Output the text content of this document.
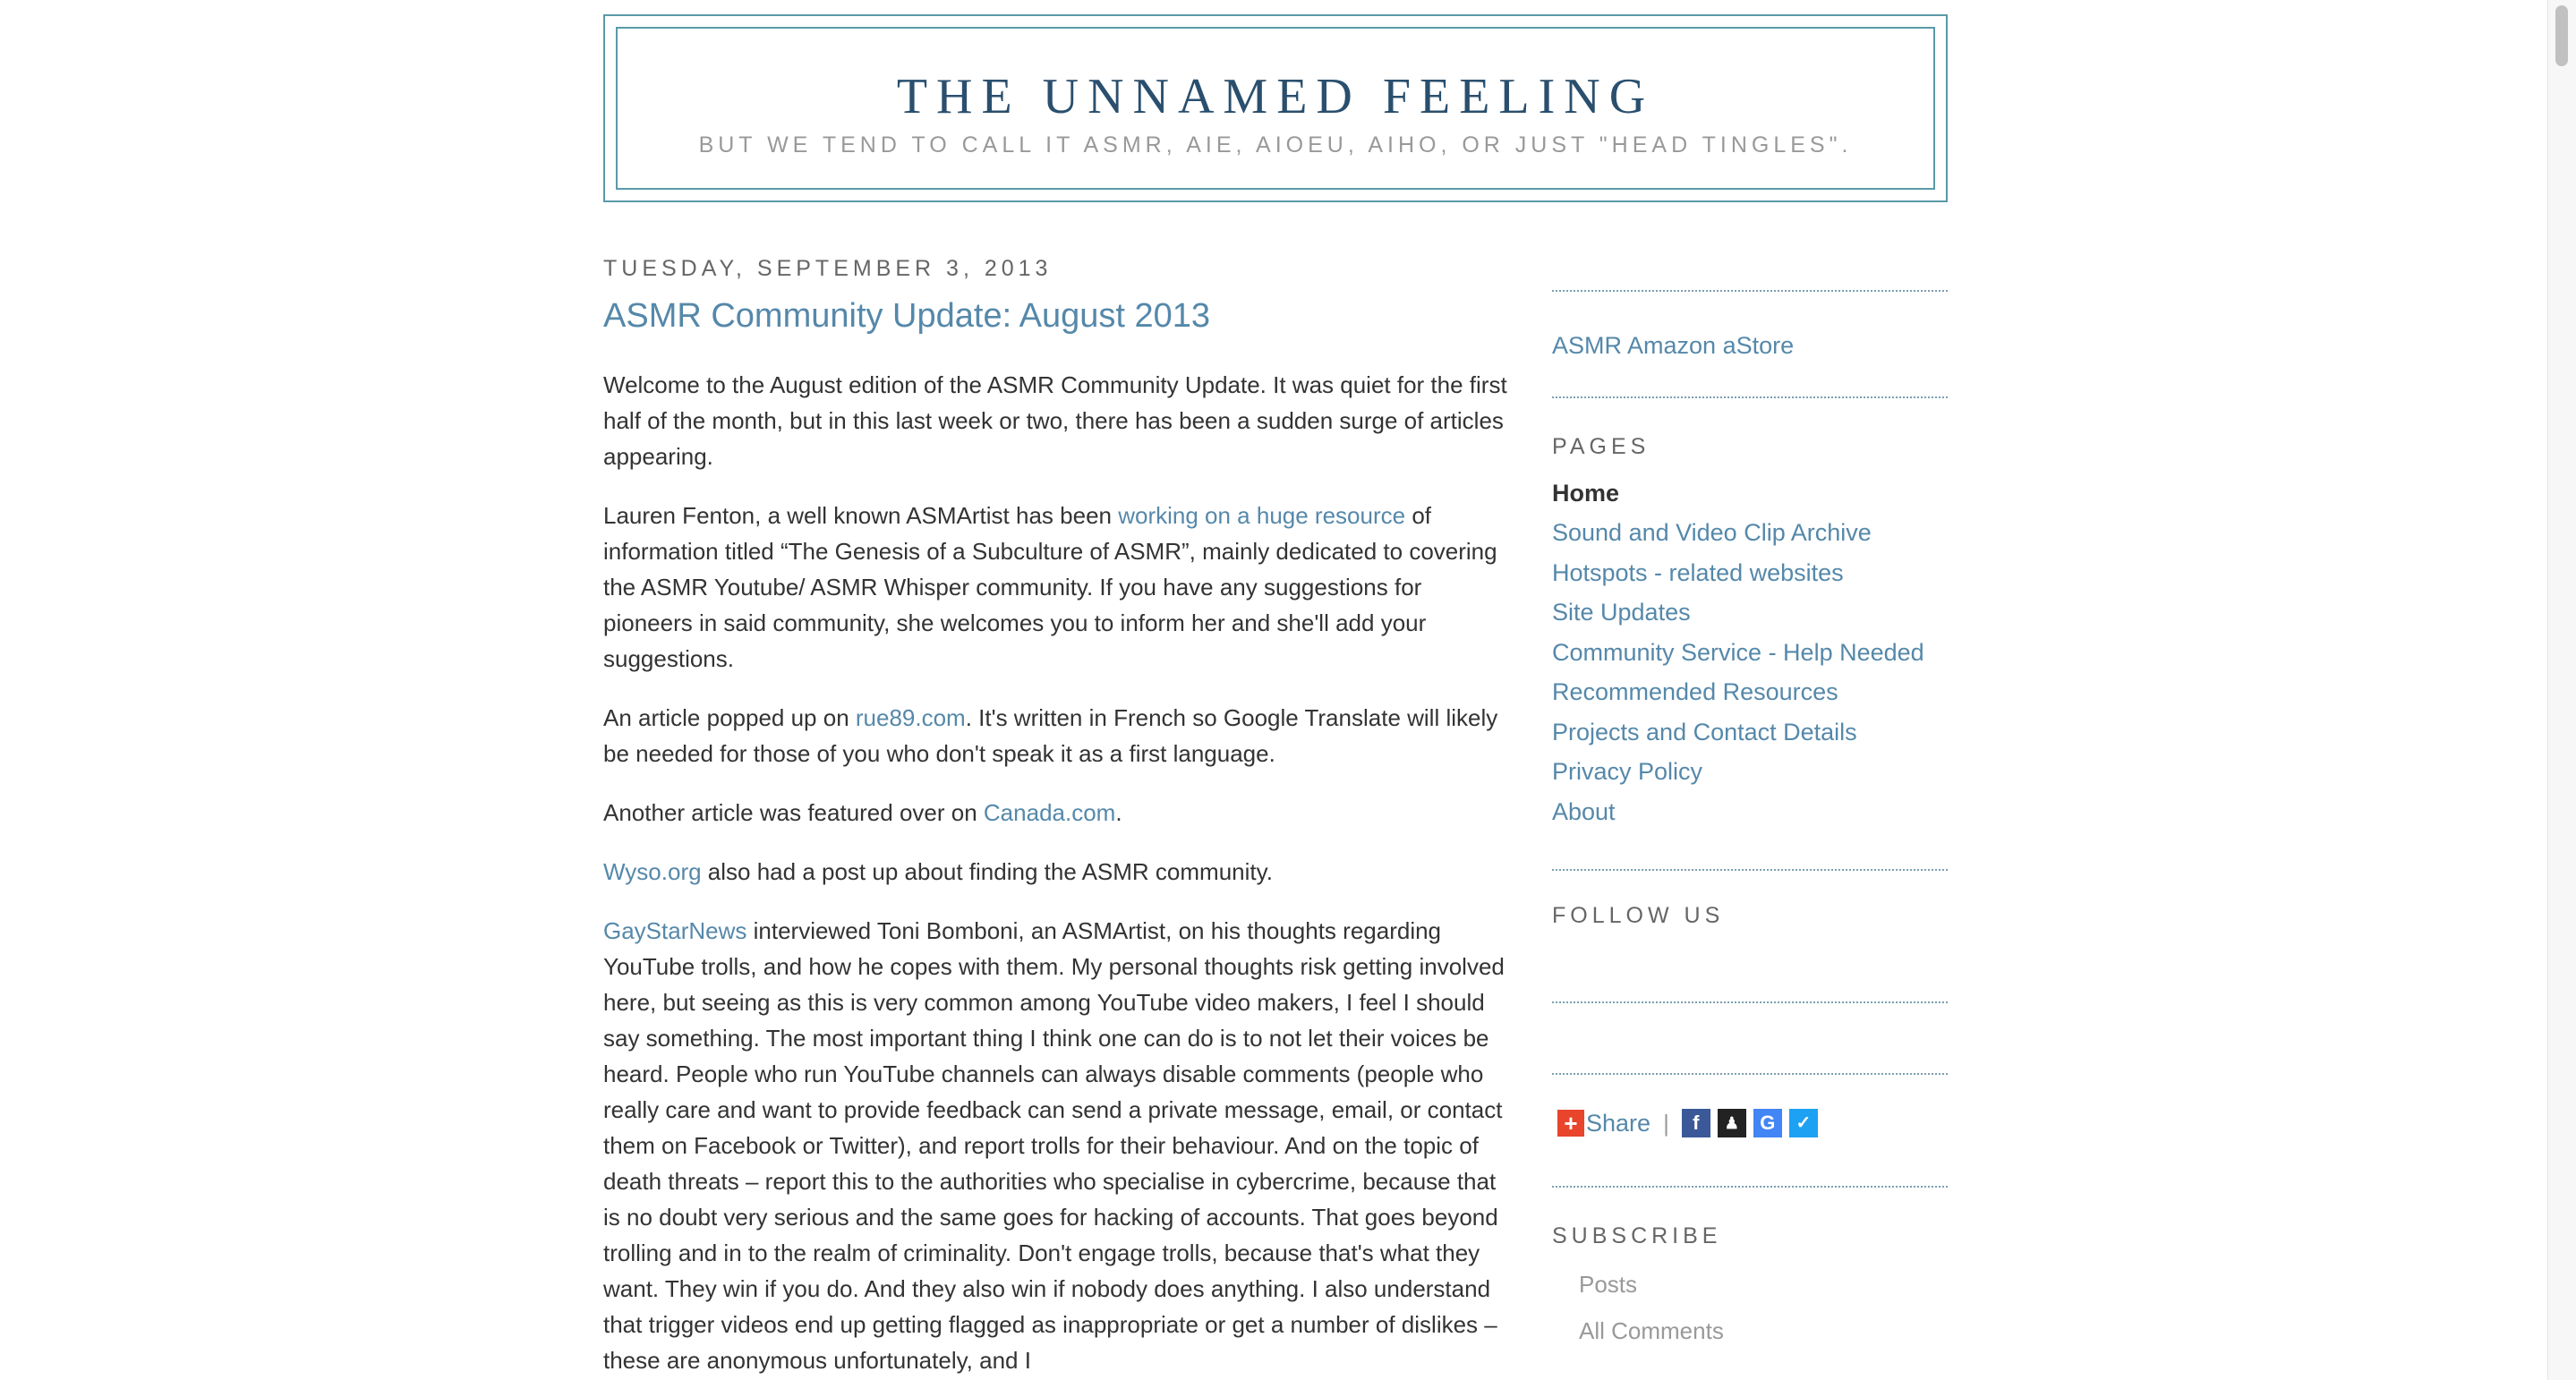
THE UNNAMED FEELING
BUT WE TEND TO CALL IT ASMR, AIE, AIOEU, AIHO, OR JUST "HEAD TINGLES".
TUESDAY, SEPTEMBER 3, 2013
ASMR Community Update: August 2013

Welcome to the August edition of the ASMR Community Update. It was quiet for the first half of the month, but in this last week or two, there has been a sudden surge of articles appearing.

Lauren Fenton, a well known ASMArtist has been working on a huge resource of information titled “The Genesis of a Subculture of ASMR”, mainly dedicated to covering the ASMR Youtube/ ASMR Whisper community. If you have any suggestions for pioneers in said community, she welcomes you to inform her and she'll add your suggestions.

An article popped up on rue89.com. It's written in French so Google Translate will likely be needed for those of you who don't speak it as a first language.

Another article was featured over on Canada.com.

Wyso.org also had a post up about finding the ASMR community.

GayStarNews interviewed Toni Bomboni, an ASMArtist, on his thoughts regarding YouTube trolls, and how he copes with them. My personal thoughts risk getting involved here, but seeing as this is very common among YouTube video makers, I feel I should say something. The most important thing I think one can do is to not let their voices be heard. People who run YouTube channels can always disable comments (people who really care and want to provide feedback can send a private message, email, or contact them on Facebook or Twitter), and report trolls for their behaviour. And on the topic of death threats – report this to the authorities who specialise in cybercrime, because that is no doubt very serious and the same goes for hacking of accounts. That goes beyond trolling and in to the realm of criminality. Don't engage trolls, because that's what they want. They win if you do. And they also win if nobody does anything. I also understand that trigger videos end up getting flagged as inappropriate or get a number of dislikes – these are anonymous unfortunately, and I

ASMR Amazon aStore
PAGES
Home
Sound and Video Clip Archive
Hotspots - related websites
Site Updates
Community Service - Help Needed
Recommended Resources
Projects and Contact Details
Privacy Policy
About
FOLLOW US
+ Share |	f	♟	G	✓
SUBSCRIBE
Posts
All Comments
